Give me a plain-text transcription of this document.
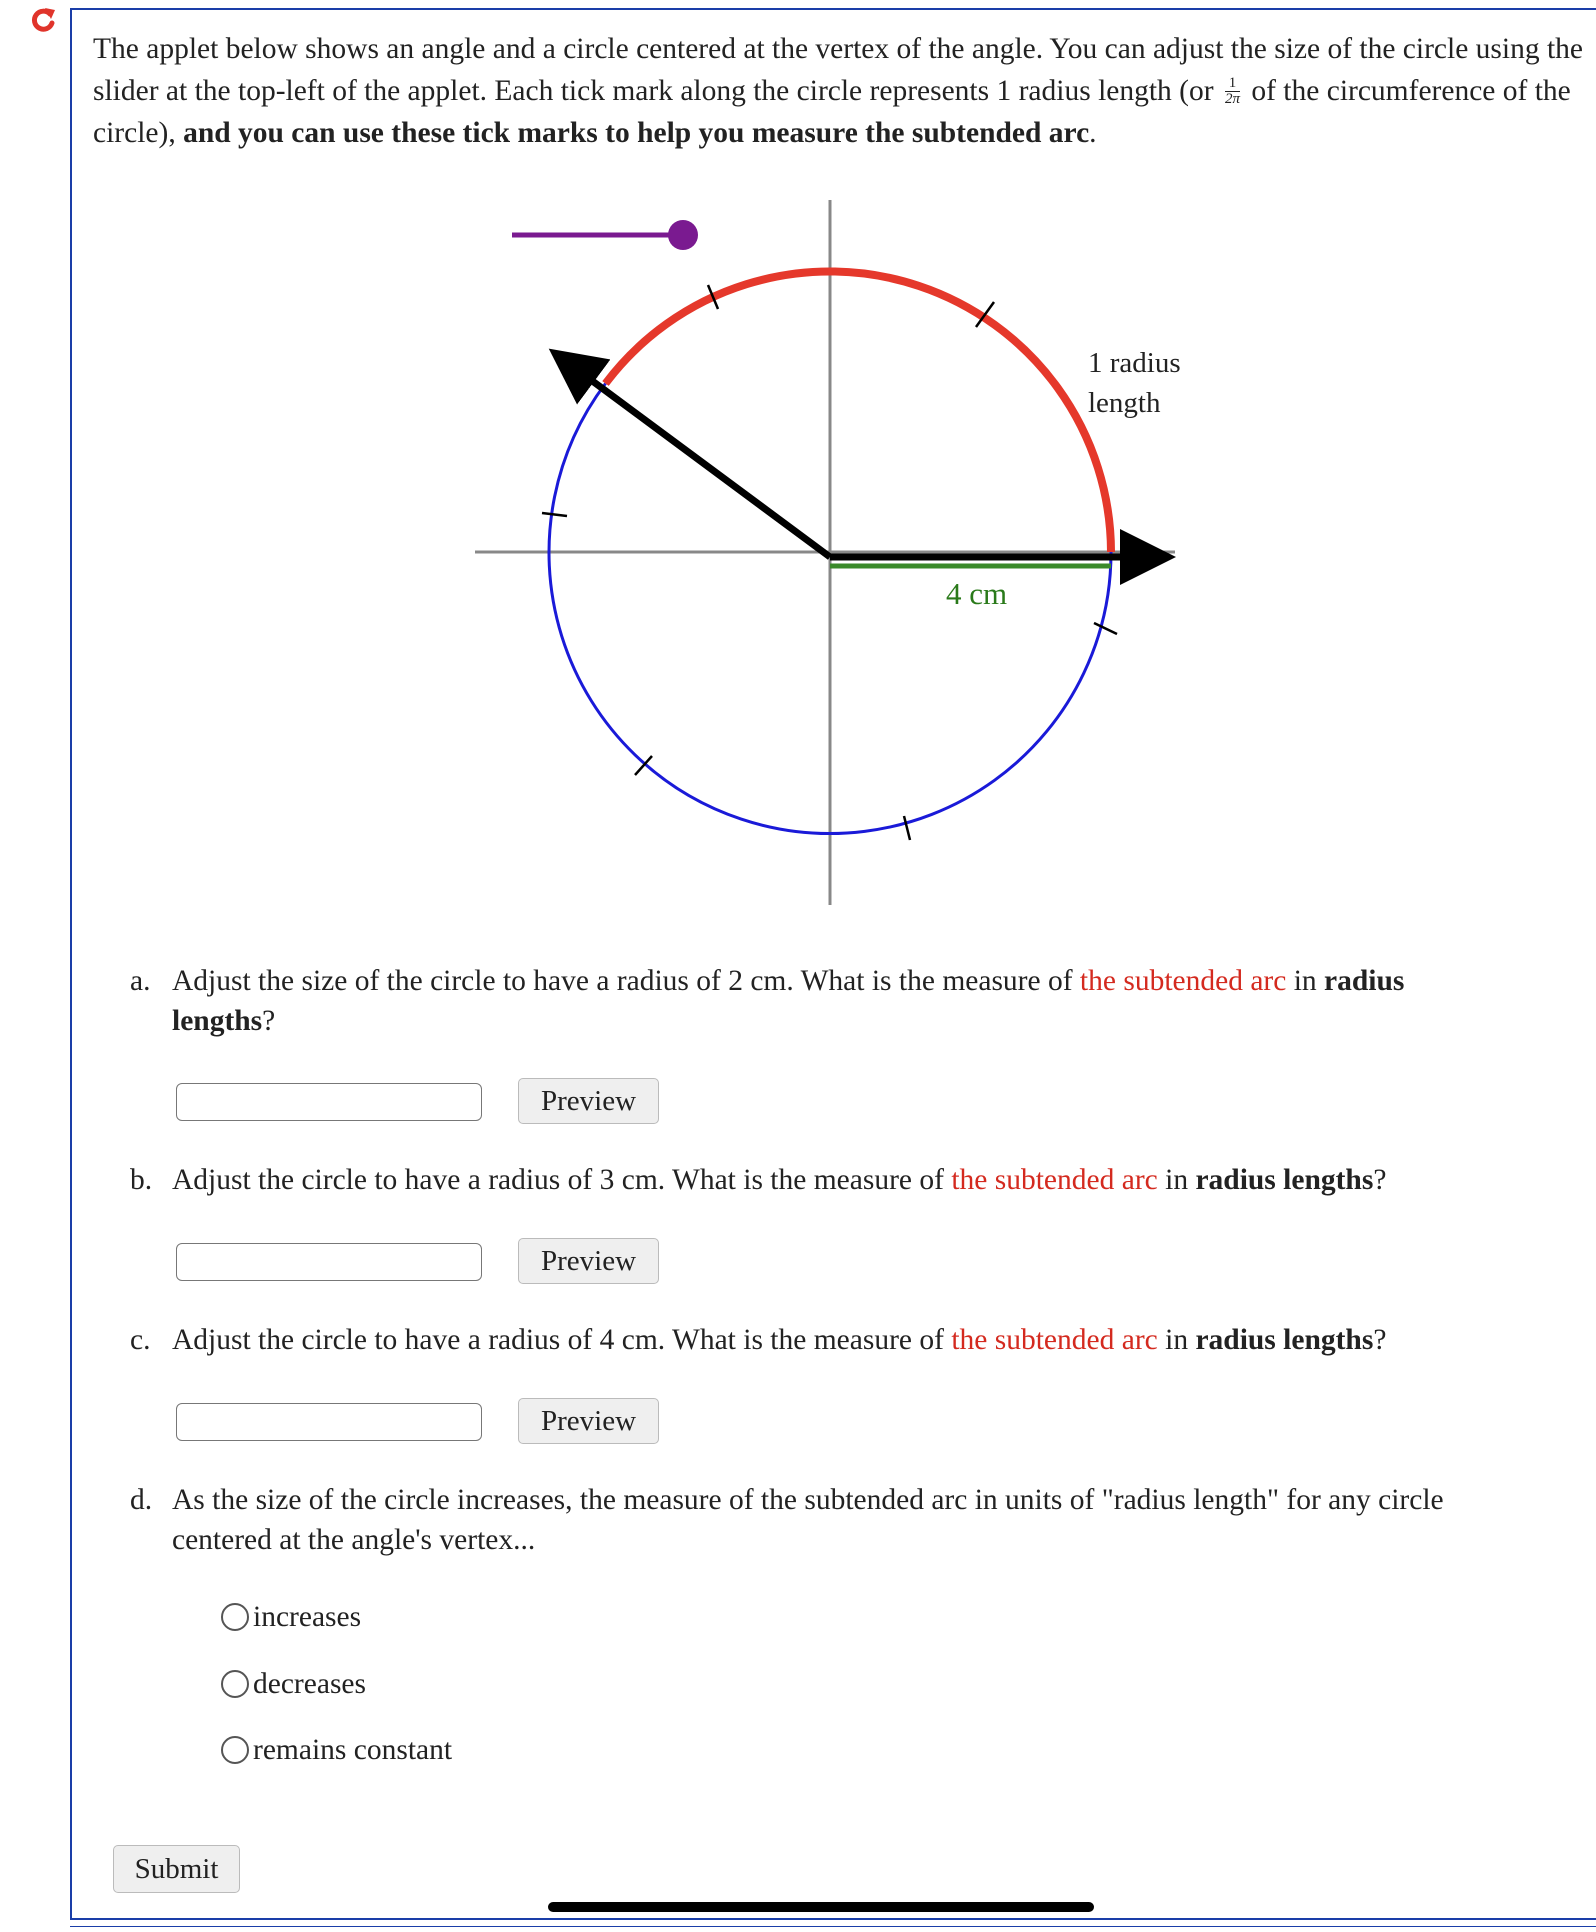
The applet below shows an angle and a circle centered at the vertex of the angle. You can adjust the size of the circle using the slider at the top-left of the applet. Each tick mark along the circle represents 1 radius length ($or \frac{1}{2\pi}$ of the circumference of the circle), and you can use these tick marks to help you measure the subtended arc.
1 radius
length
4 cm
a. Adjust the size of the circle to have a radius of 2 cm. What is the measure of the subtended arc in radius
lengths?
Preview
b. Adjust the circle to have a radius of 3 cm. What is the measure of the subtended arc in radius lengths?
Preview
c. Adjust the circle to have a radius of 4 cm. What is the measure of the subtended arc in radius lengths?
Preview
d. As the size of the circle increases, the measure of the subtended arc in units of "radius length" for any circle
centered at the angle's vertex...
increases
decreases
remains constant
Submit
